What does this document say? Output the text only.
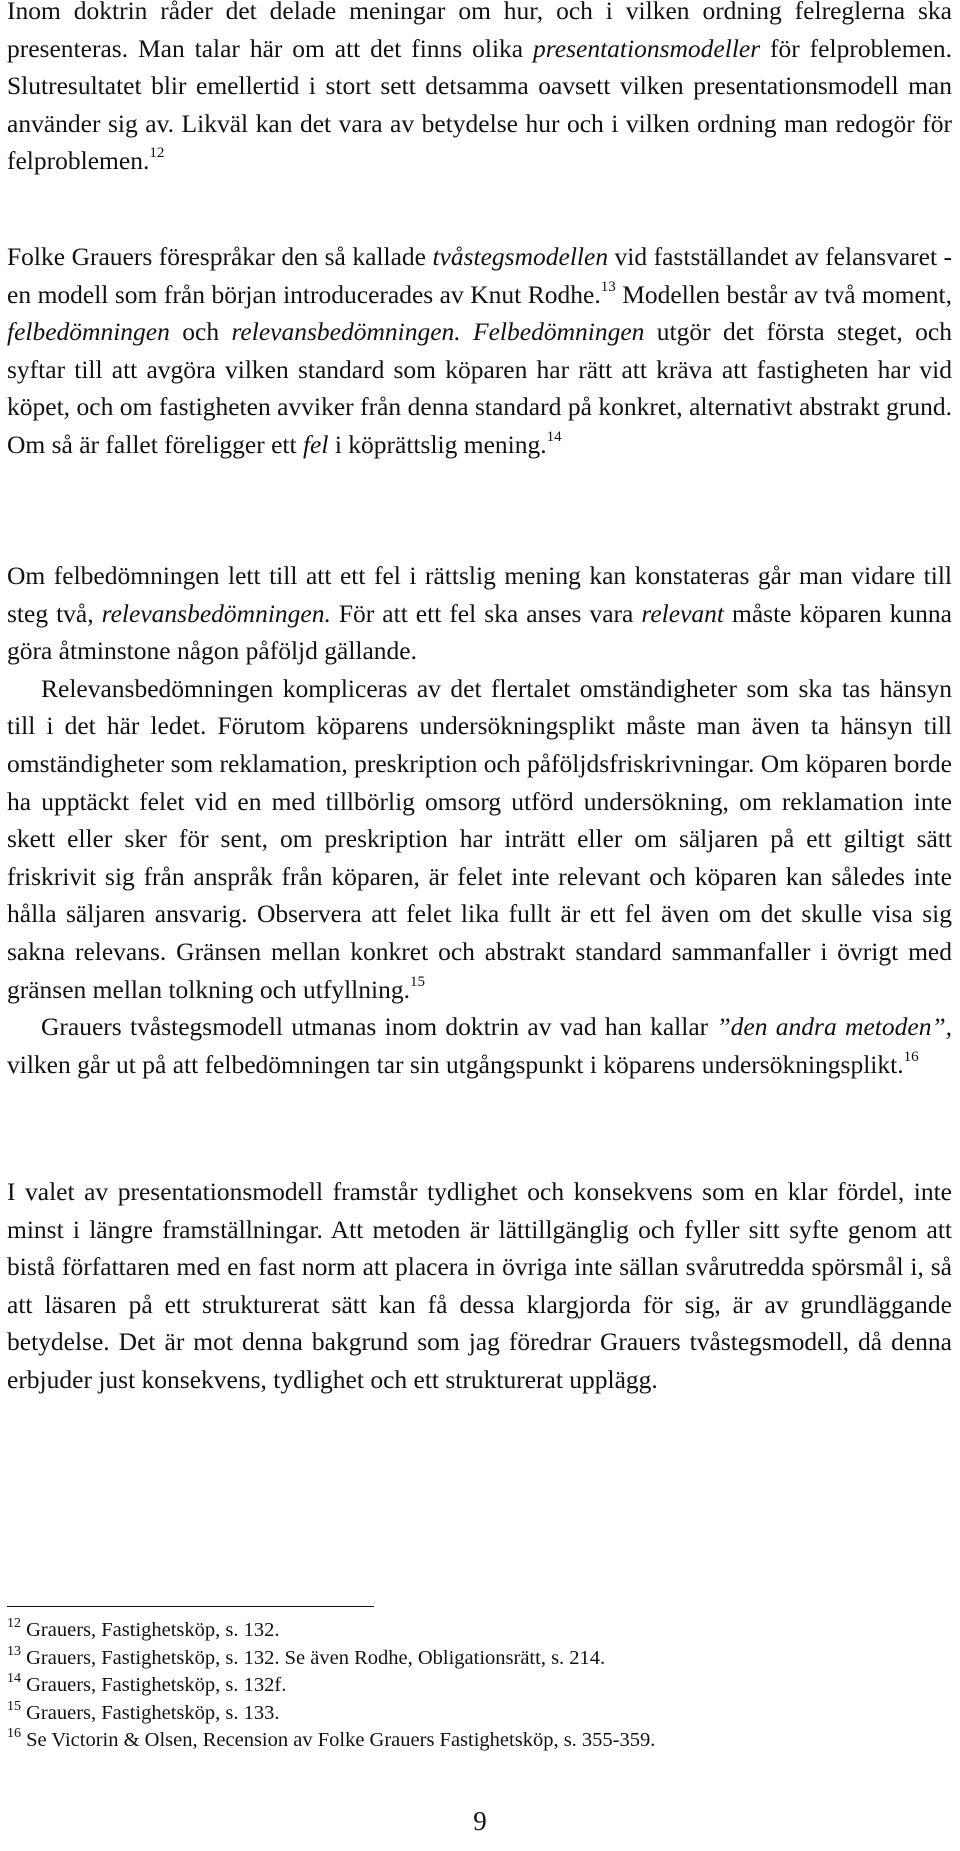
Inom doktrin råder det delade meningar om hur, och i vilken ordning felreglerna ska presenteras. Man talar här om att det finns olika presentationsmodeller för felproblemen. Slutresultatet blir emellertid i stort sett detsamma oavsett vilken presentationsmodell man använder sig av. Likväl kan det vara av betydelse hur och i vilken ordning man redogör för felproblemen.$^{12}$

Folke Grauers förespråkar den så kallade tvåstegsmodellen vid fastställandet av felansvaret - en modell som från början introducerades av Knut Rodhe.$^{13}$ Modellen består av två moment, felbedömningen och relevansbedömningen. Felbedömningen utgör det första steget, och syftar till att avgöra vilken standard som köparen har rätt att kräva att fastigheten har vid köpet, och om fastigheten avviker från denna standard på konkret, alternativt abstrakt grund. Om så är fallet föreligger ett fel i köprättslig mening.$^{14}$

Om felbedömningen lett till att ett fel i rättslig mening kan konstateras går man vidare till steg två, relevansbedömningen. För att ett fel ska anses vara relevant måste köparen kunna göra åtminstone någon påföljd gällande.

Relevansbedömningen kompliceras av det flertalet omständigheter som ska tas hänsyn till i det här ledet. Förutom köparens undersökningsplikt måste man även ta hänsyn till omständigheter som reklamation, preskription och påföljdsfriskrivningar. Om köparen borde ha upptäckt felet vid en med tillbörlig omsorg utförd undersökning, om reklamation inte skett eller sker för sent, om preskription har inträtt eller om säljaren på ett giltigt sätt friskrivit sig från anspråk från köparen, är felet inte relevant och köparen kan således inte hålla säljaren ansvarig. Observera att felet lika fullt är ett fel även om det skulle visa sig sakna relevans. Gränsen mellan konkret och abstrakt standard sammanfaller i övrigt med gränsen mellan tolkning och utfyllning.$^{15}$

Grauers tvåstegsmodell utmanas inom doktrin av vad han kallar ”den andra metoden”, vilken går ut på att felbedömningen tar sin utgångspunkt i köparens undersökningsplikt.$^{16}$

I valet av presentationsmodell framstår tydlighet och konsekvens som en klar fördel, inte minst i längre framställningar. Att metoden är lättillgänglig och fyller sitt syfte genom att bistå författaren med en fast norm att placera in övriga inte sällan svårutredda spörsmål i, så att läsaren på ett strukturerat sätt kan få dessa klargjorda för sig, är av grundläggande betydelse. Det är mot denna bakgrund som jag föredrar Grauers tvåstegsmodell, då denna erbjuder just konsekvens, tydlighet och ett strukturerat upplägg.

$^{12}$ Grauers, Fastighetsköp, s. 132.
$^{13}$ Grauers, Fastighetsköp, s. 132. Se även Rodhe, Obligationsrätt, s. 214.
$^{14}$ Grauers, Fastighetsköp, s. 132f.
$^{15}$ Grauers, Fastighetsköp, s. 133.
$^{16}$ Se Victorin & Olsen, Recension av Folke Grauers Fastighetsköp, s. 355-359.
9
